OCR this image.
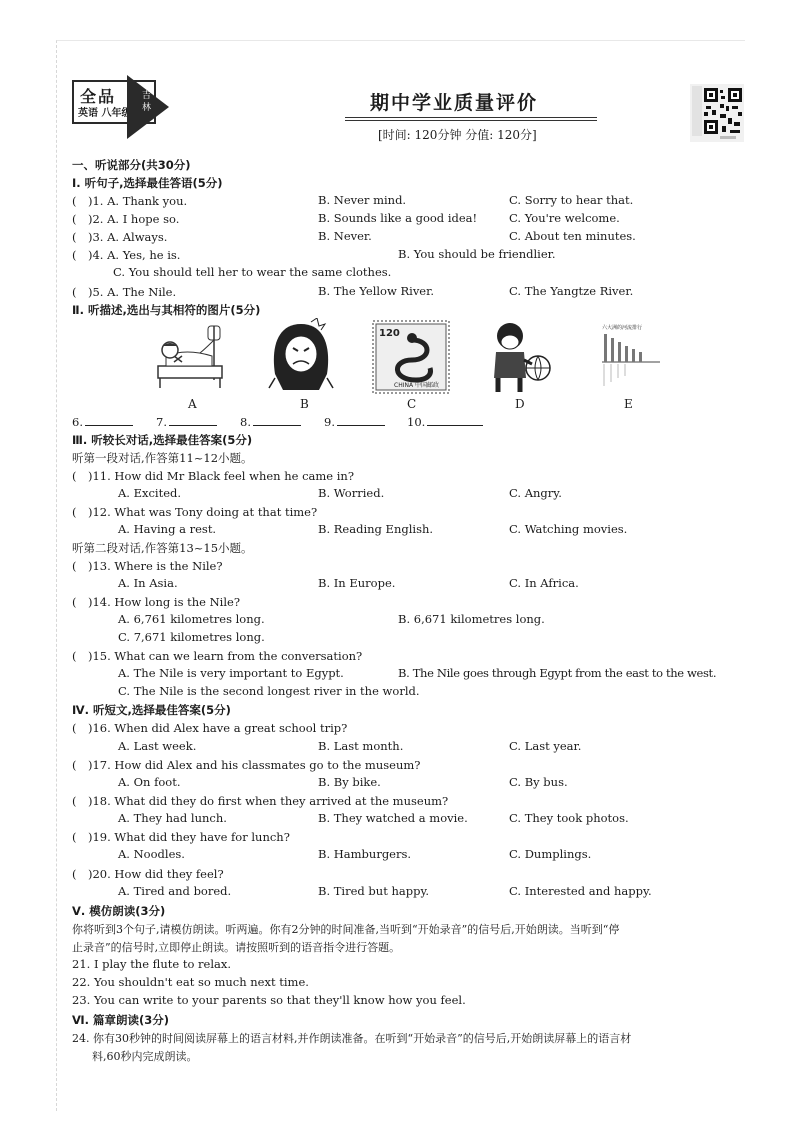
全品
英语 八年级
吉林	期中学业质量评价
[时间: 120分钟 分值: 120分]
一、听说部分(共30分)
Ⅰ. 听句子,选择最佳答语(5分)
(　)1. A. Thank you.	B. Never mind.	C. Sorry to hear that.
(　)2. A. I hope so.	B. Sounds like a good idea!	C. You're welcome.
(　)3. A. Always.	B. Never.	C. About ten minutes.
(　)4. A. Yes, he is.	B. You should be friendlier.
C. You should tell her to wear the same clothes.
(　)5. A. The Nile.	B. The Yellow River.	C. The Yangtze River.
Ⅱ. 听描述,选出与其相符的图片(5分)
A	B
120
CHINA 中国邮政
C	D
六大洲的河流排行
E
6.	7.	8.	9.	10.
Ⅲ. 听较长对话,选择最佳答案(5分)
听第一段对话,作答第11~12小题。
(　)11. How did Mr Black feel when he came in?
A. Excited.	B. Worried.	C. Angry.
(　)12. What was Tony doing at that time?
A. Having a rest.	B. Reading English.	C. Watching movies.
听第二段对话,作答第13~15小题。
(　)13. Where is the Nile?
A. In Asia.	B. In Europe.	C. In Africa.
(　)14. How long is the Nile?
A. 6,761 kilometres long.	B. 6,671 kilometres long.
C. 7,671 kilometres long.
(　)15. What can we learn from the conversation?
A. The Nile is very important to Egypt.	B. The Nile goes through Egypt from the east to the west.
C. The Nile is the second longest river in the world.
Ⅳ. 听短文,选择最佳答案(5分)
(　)16. When did Alex have a great school trip?
A. Last week.	B. Last month.	C. Last year.
(　)17. How did Alex and his classmates go to the museum?
A. On foot.	B. By bike.	C. By bus.
(　)18. What did they do first when they arrived at the museum?
A. They had lunch.	B. They watched a movie.	C. They took photos.
(　)19. What did they have for lunch?
A. Noodles.	B. Hamburgers.	C. Dumplings.
(　)20. How did they feel?
A. Tired and bored.	B. Tired but happy.	C. Interested and happy.
Ⅴ. 模仿朗读(3分)
你将听到3个句子,请模仿朗读。听两遍。你有2分钟的时间准备,当听到“开始录音”的信号后,开始朗读。当听到“停
止录音”的信号时,立即停止朗读。请按照听到的语音指令进行答题。
21. I play the flute to relax.
22. You shouldn't eat so much next time.
23. You can write to your parents so that they'll know how you feel.
Ⅵ. 篇章朗读(3分)
24. 你有30秒钟的时间阅读屏幕上的语言材料,并作朗读准备。在听到“开始录音”的信号后,开始朗读屏幕上的语言材
料,60秒内完成朗读。
